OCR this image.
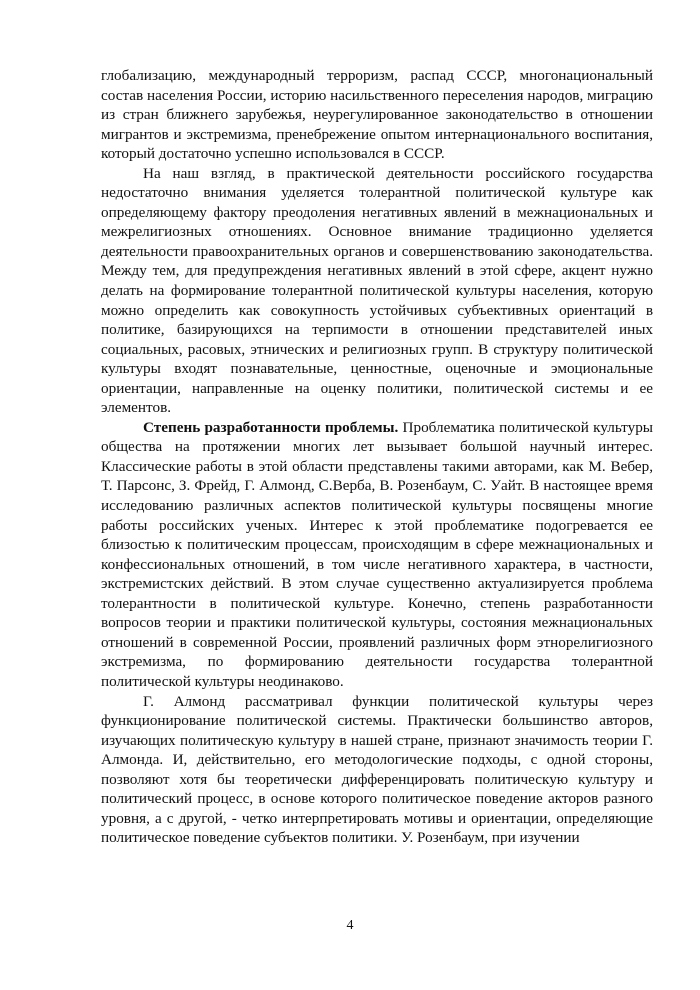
глобализацию, международный терроризм, распад СССР, многонациональный состав населения России, историю насильственного переселения народов, миграцию из стран ближнего зарубежья, неурегулированное законодательство в отношении мигрантов и экстремизма, пренебрежение опытом интернационального воспитания, который достаточно успешно использовался в СССР.

На наш взгляд, в практической деятельности российского государства недостаточно внимания уделяется толерантной политической культуре как определяющему фактору преодоления негативных явлений в межнациональных и межрелигиозных отношениях. Основное внимание традиционно уделяется деятельности правоохранительных органов и совершенствованию законодательства. Между тем, для предупреждения негативных явлений в этой сфере, акцент нужно делать на формирование толерантной политической культуры населения, которую можно определить как совокупность устойчивых субъективных ориентаций в политике, базирующихся на терпимости в отношении представителей иных социальных, расовых, этнических и религиозных групп. В структуру политической культуры входят познавательные, ценностные, оценочные и эмоциональные ориентации, направленные на оценку политики, политической системы и ее элементов.

Степень разработанности проблемы. Проблематика политической культуры общества на протяжении многих лет вызывает большой научный интерес. Классические работы в этой области представлены такими авторами, как М. Вебер, Т. Парсонс, З. Фрейд, Г. Алмонд, С.Верба, В. Розенбаум, С. Уайт. В настоящее время исследованию различных аспектов политической культуры посвящены многие работы российских ученых. Интерес к этой проблематике подогревается ее близостью к политическим процессам, происходящим в сфере межнациональных и конфессиональных отношений, в том числе негативного характера, в частности, экстремистских действий. В этом случае существенно актуализируется проблема толерантности в политической культуре. Конечно, степень разработанности вопросов теории и практики политической культуры, состояния межнациональных отношений в современной России, проявлений различных форм этнорелигиозного экстремизма, по формированию деятельности государства толерантной политической культуры неодинаково.

Г. Алмонд рассматривал функции политической культуры через функционирование политической системы. Практически большинство авторов, изучающих политическую культуру в нашей стране, признают значимость теории Г. Алмонда. И, действительно, его методологические подходы, с одной стороны, позволяют хотя бы теоретически дифференцировать политическую культуру и политический процесс, в основе которого политическое поведение акторов разного уровня, а с другой, - четко интерпретировать мотивы и ориентации, определяющие политическое поведение субъектов политики. У. Розенбаум, при изучении

4
